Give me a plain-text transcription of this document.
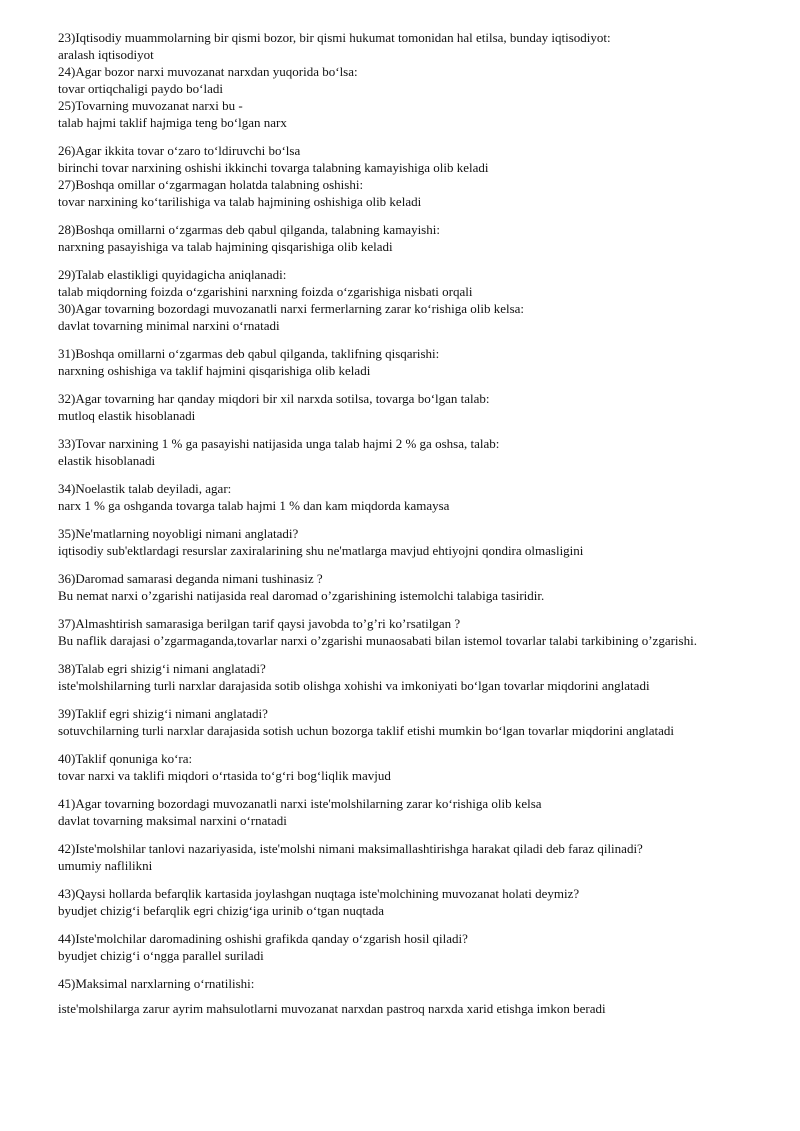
23)Iqtisodiy muammolarning bir qismi bozor, bir qismi hukumat tomonidan hal etilsa, bunday iqtisodiyot:

aralash iqtisodiyot

24)Agar bozor narxi muvozanat narxdan yuqorida bo‘lsa:

tovar ortiqchaligi paydo bo‘ladi

25)Tovarning muvozanat narxi bu -

talab hajmi taklif hajmiga teng bo‘lgan narx

26)Agar ikkita tovar o‘zaro to‘ldiruvchi bo‘lsa

birinchi tovar narxining oshishi ikkinchi tovarga talabning kamayishiga olib keladi

27)Boshqa omillar o‘zgarmagan holatda talabning oshishi:

tovar narxining ko‘tarilishiga va talab hajmining oshishiga olib keladi

28)Boshqa omillarni o‘zgarmas deb qabul qilganda, talabning kamayishi:

narxning pasayishiga va talab hajmining qisqarishiga olib keladi

29)Talab elastikligi quyidagicha aniqlanadi:

talab miqdorning foizda o‘zgarishini narxning foizda o‘zgarishiga nisbati orqali

30)Agar tovarning bozordagi muvozanatli narxi fermerlarning zarar ko‘rishiga olib kelsa:

davlat tovarning minimal narxini o‘rnatadi

31)Boshqa omillarni o‘zgarmas deb qabul qilganda, taklifning qisqarishi:

narxning oshishiga va taklif hajmini qisqarishiga olib keladi

32)Agar tovarning har qanday miqdori bir xil narxda sotilsa, tovarga bo‘lgan talab:

mutloq elastik hisoblanadi

33)Tovar narxining 1 % ga pasayishi natijasida unga talab hajmi 2 % ga oshsa, talab:

elastik hisoblanadi

34)Noelastik talab deyiladi, agar:

narx 1 % ga oshganda tovarga talab hajmi 1 % dan kam miqdorda kamaysa

35)Ne'matlarning noyobligi nimani anglatadi?

iqtisodiy sub'ektlardagi resurslar zaxiralarining shu ne'matlarga mavjud ehtiyojni qondira olmasligini

36)Daromad samarasi deganda nimani tushinasiz ?

Bu nemat narxi o’zgarishi natijasida real daromad o’zgarishining istemolchi talabiga tasiridir.

37)Almashtirish samarasiga berilgan tarif qaysi javobda to’g’ri ko’rsatilgan ?

Bu naflik darajasi o’zgarmaganda,tovarlar narxi o’zgarishi munaosabati bilan istemol tovarlar talabi tarkibining o’zgarishi.

38)Talab egri shizig‘i nimani anglatadi?

iste'molshilarning turli narxlar darajasida sotib olishga xohishi va imkoniyati bo‘lgan tovarlar miqdorini anglatadi

39)Taklif egri shizig‘i nimani anglatadi?

sotuvchilarning turli narxlar darajasida sotish uchun bozorga taklif etishi mumkin bo‘lgan tovarlar miqdorini anglatadi

40)Taklif qonuniga ko‘ra:

tovar narxi va taklifi miqdori o‘rtasida to‘g‘ri bog‘liqlik mavjud

41)Agar tovarning bozordagi muvozanatli narxi iste'molshilarning zarar ko‘rishiga olib kelsa

davlat tovarning maksimal narxini o‘rnatadi

42)Iste'molshilar tanlovi nazariyasida, iste'molshi nimani maksimallashtirishga harakat qiladi deb faraz qilinadi?

umumiy naflilikni

43)Qaysi hollarda befarqlik kartasida joylashgan nuqtaga iste'molchining muvozanat holati deymiz?

byudjet chizig‘i befarqlik egri chizig‘iga urinib o‘tgan nuqtada

44)Iste'molchilar daromadining oshishi grafikda qanday o‘zgarish hosil qiladi?

byudjet chizig‘i o‘ngga parallel suriladi

45)Maksimal narxlarning o‘rnatilishi:

iste'molshilarga zarur ayrim mahsulotlarni muvozanat narxdan pastroq narxda xarid etishga imkon beradi
